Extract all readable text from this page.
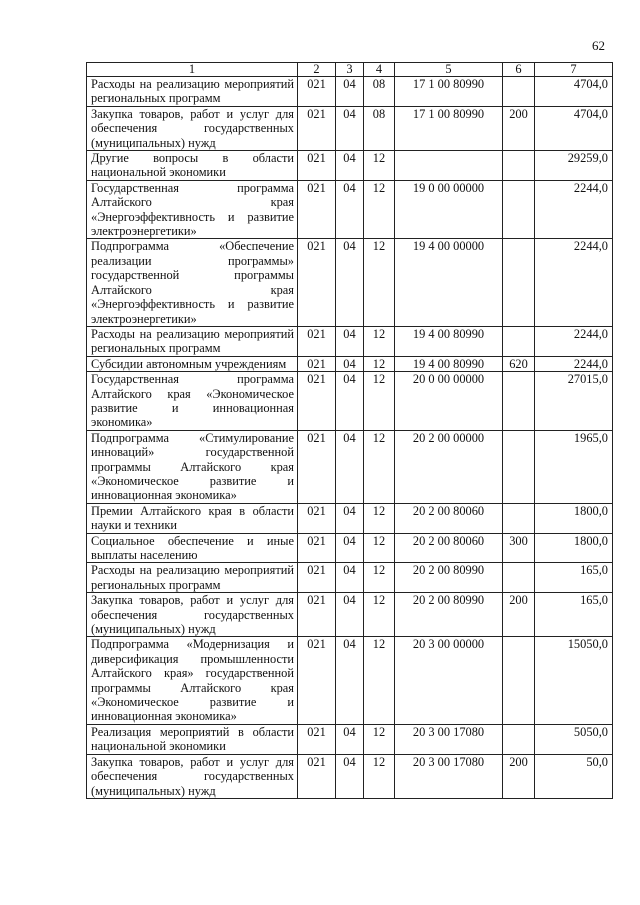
62
1	2	3	4	5	6	7
Расходы на реализацию мероприятий региональных программ	021	04	08	17 1 00 80990		4704,0
Закупка товаров, работ и услуг для обеспечения государственных (муниципальных) нужд	021	04	08	17 1 00 80990	200	4704,0
Другие вопросы в области национальной экономики	021	04	12			29259,0
Государственная программа Алтайского края «Энергоэффективность и развитие электроэнергетики»	021	04	12	19 0 00 00000		2244,0
Подпрограмма «Обеспечение реализации программы» государственной программы Алтайского края «Энергоэффективность и развитие электроэнергетики»	021	04	12	19 4 00 00000		2244,0
Расходы на реализацию мероприятий региональных программ	021	04	12	19 4 00 80990		2244,0
Субсидии автономным учреждениям	021	04	12	19 4 00 80990	620	2244,0
Государственная программа Алтайского края «Экономическое развитие и инновационная экономика»	021	04	12	20 0 00 00000		27015,0
Подпрограмма «Стимулирование инноваций» государственной программы Алтайского края «Экономическое развитие и инновационная экономика»	021	04	12	20 2 00 00000		1965,0
Премии Алтайского края в области науки и техники	021	04	12	20 2 00 80060		1800,0
Социальное обеспечение и иные выплаты населению	021	04	12	20 2 00 80060	300	1800,0
Расходы на реализацию мероприятий региональных программ	021	04	12	20 2 00 80990		165,0
Закупка товаров, работ и услуг для обеспечения государственных (муниципальных) нужд	021	04	12	20 2 00 80990	200	165,0
Подпрограмма «Модернизация и диверсификация промышленности Алтайского края» государственной программы Алтайского края «Экономическое развитие и инновационная экономика»	021	04	12	20 3 00 00000		15050,0
Реализация мероприятий в области национальной экономики	021	04	12	20 3 00 17080		5050,0
Закупка товаров, работ и услуг для обеспечения государственных (муниципальных) нужд	021	04	12	20 3 00 17080	200	50,0
